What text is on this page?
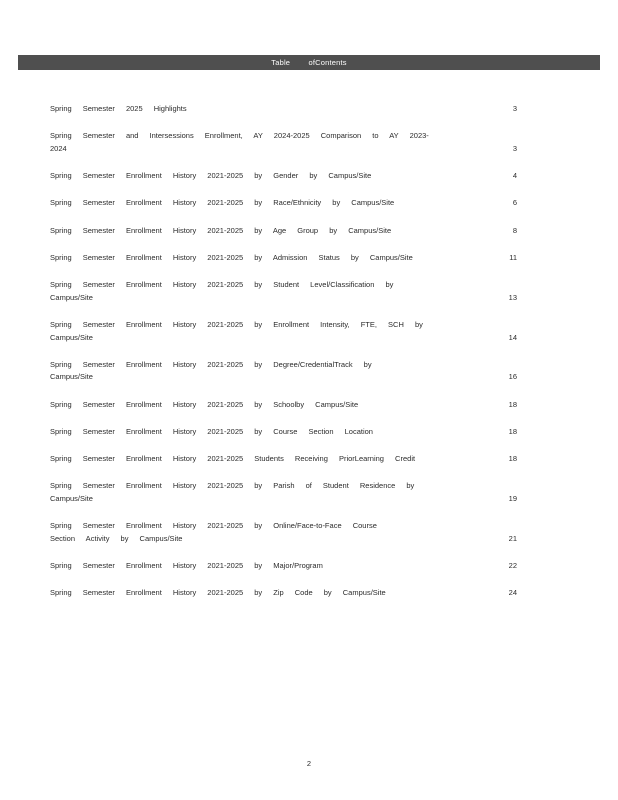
Table ofContents
Spring Semester 2025 Highlights	3
Spring Semester and Intersessions Enrollment, AY 2024-2025 Comparison to AY 2023-
2024	3
Spring Semester Enrollment History 2021-2025 by Gender by Campus/Site	4
Spring Semester Enrollment History 2021-2025 by Race/Ethnicity by Campus/Site	6
Spring Semester Enrollment History 2021-2025 by Age Group by Campus/Site	8
Spring Semester Enrollment History 2021-2025 by Admission Status by Campus/Site	11
Spring Semester Enrollment History 2021-2025 by Student Level/Classification by
Campus/Site	13
Spring Semester Enrollment History 2021-2025 by Enrollment Intensity, FTE, SCH by
Campus/Site	14
Spring Semester Enrollment History 2021-2025 by Degree/CredentialTrack by
Campus/Site	16
Spring Semester Enrollment History 2021-2025 by Schoolby Campus/Site	18
Spring Semester Enrollment History 2021-2025 by Course Section Location	18
Spring Semester Enrollment History 2021-2025 Students Receiving PriorLearning Credit	18
Spring Semester Enrollment History 2021-2025 by Parish of Student Residence by
Campus/Site	19
Spring Semester Enrollment History 2021-2025 by Online/Face-to-Face Course
Section Activity by Campus/Site	21
Spring Semester Enrollment History 2021-2025 by Major/Program	22
Spring Semester Enrollment History 2021-2025 by Zip Code by Campus/Site	24
2
